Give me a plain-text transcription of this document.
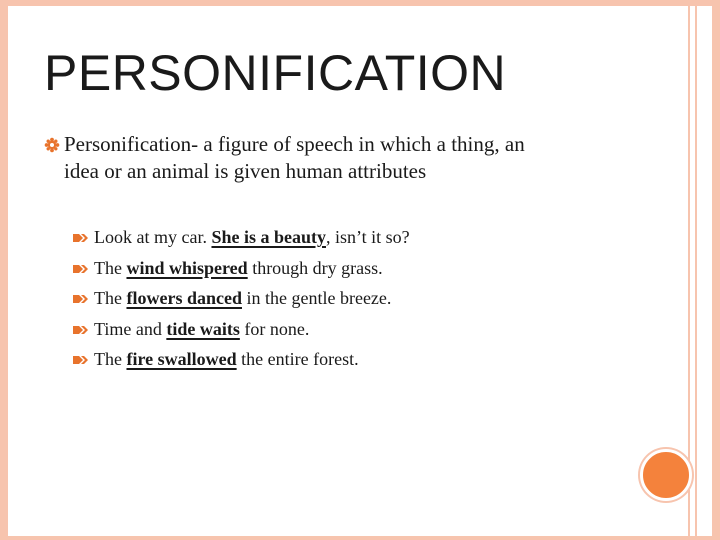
PERSONIFICATION
Personification- a figure of speech in which a thing, an
idea or an animal is given human attributes
Look at my car. She is a beauty, isn’t it so?
The wind whispered through dry grass.
The flowers danced in the gentle breeze.
Time and tide waits for none.
The fire swallowed the entire forest.
